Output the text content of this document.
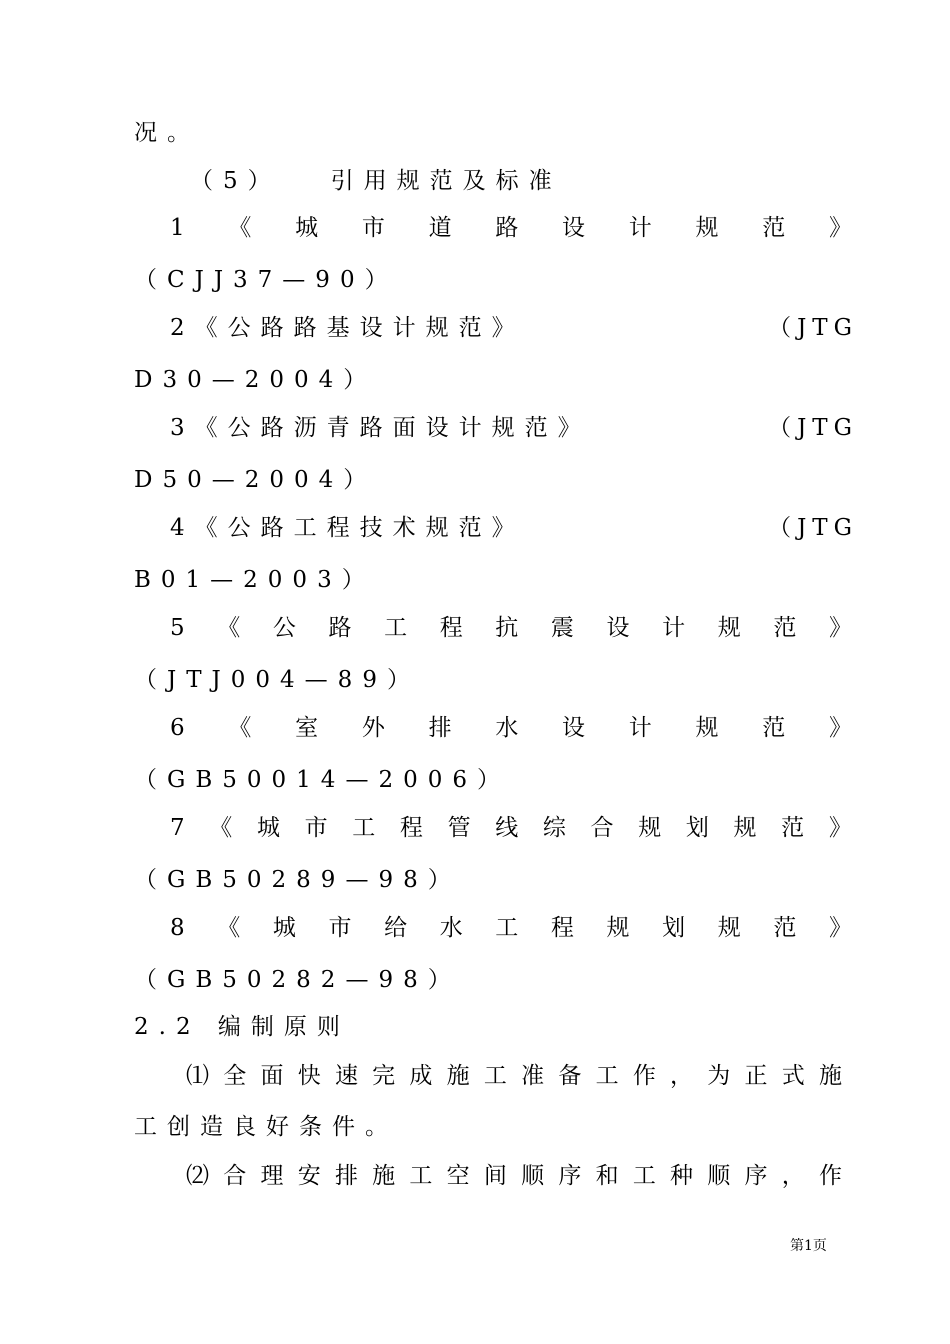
况。
（5） 引用规范及标准
1 《 城 市 道 路 设 计 规 范 》
（CJJ37—90）
2《公路路基设计规范》	（JTG
D30—2004）
3《公路沥青路面设计规范》	（JTG
D50—2004）
4《公路工程技术规范》	（JTG
B01—2003）
5 《 公 路 工 程 抗 震 设 计 规 范 》
（JTJ004—89）
6 《 室 外 排 水 设 计 规 范 》
（GB50014—2006）
7 《 城 市 工 程 管 线 综 合 规 划 规 范 》
（GB50289—98）
8 《 城 市 给 水 工 程 规 划 规 范 》
（GB50282—98）
2.2 编制原则
⑴ 全 面 快 速 完 成 施 工 准 备 工 作 ， 为 正 式 施
工创造良好条件。
⑵ 合 理 安 排 施 工 空 间 顺 序 和 工 种 顺 序 ， 作
第1页
